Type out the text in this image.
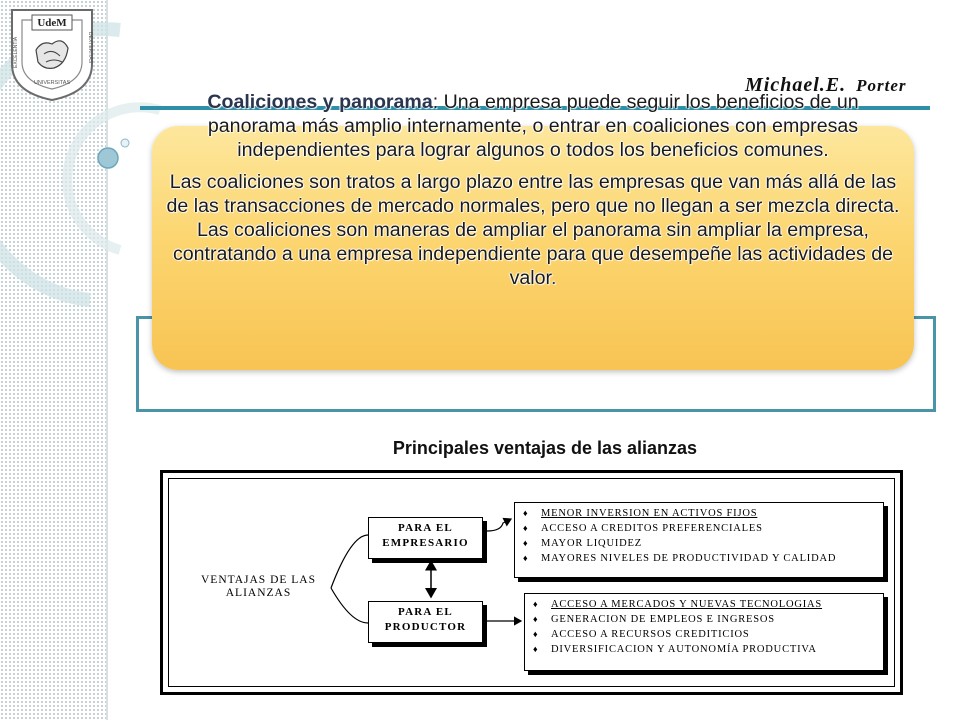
UdeM
EXCELENTIA	DEXTERITAS
UNIVERSITAS	Michael.E. Porter

Coaliciones y panorama: Una empresa puede seguir los beneficios de un panorama más amplio internamente, o entrar en coaliciones con empresas independientes para lograr algunos o todos los beneficios comunes.

Las coaliciones son tratos a largo plazo entre las empresas que van más allá de las de las transacciones de mercado normales, pero que no llegan a ser mezcla directa. Las coaliciones son maneras de ampliar el panorama sin ampliar la empresa, contratando a una empresa independiente para que desempeñe las actividades de valor.

Principales ventajas de las alianzas
VENTAJAS DE LAS
ALIANZAS
PARA EL
EMPRESARIO
PARA EL
PRODUCTOR
♦ MENOR INVERSION EN ACTIVOS FIJOS
♦ ACCESO A CREDITOS PREFERENCIALES
♦ MAYOR LIQUIDEZ
♦ MAYORES NIVELES DE PRODUCTIVIDAD Y CALIDAD
♦ ACCESO A MERCADOS Y NUEVAS TECNOLOGIAS
♦ GENERACION DE EMPLEOS E INGRESOS
♦ ACCESO A RECURSOS CREDITICIOS
♦ DIVERSIFICACION Y AUTONOMÍA PRODUCTIVA
